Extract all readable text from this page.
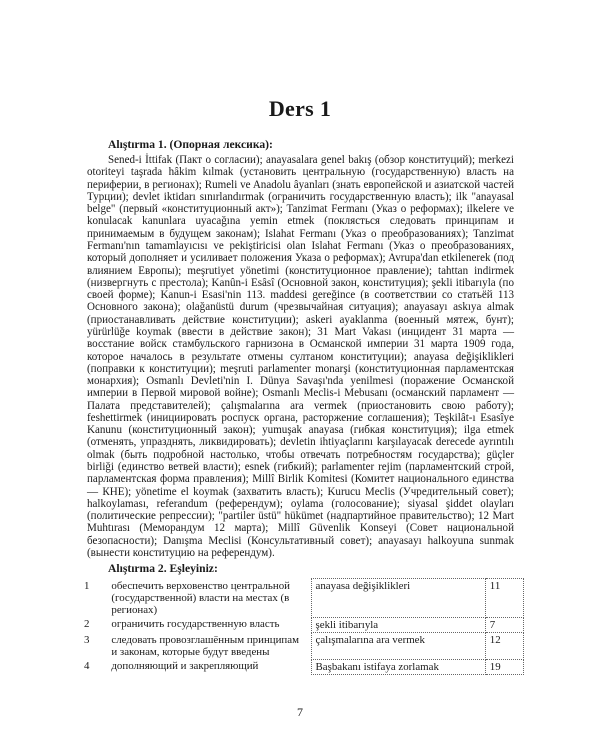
Ders 1
Alıştırma 1. (Опорная лексика):

Sened-i İttifak (Пакт о согласии); anayasalara genel bakış (обзор конституций); merkezi otoriteyi taşrada hâkim kılmak (установить центральную (государственную) власть на периферии, в регионах); Rumeli ve Anadolu âyanları (знать европейской и азиатской частей Турции); devlet iktidarı sınırlandırmak (ограничить государственную власть); ilk "anayasal belge" (первый «конституционный акт»); Tanzimat Fermanı (Указ о реформах); ilkelere ve konulacak kanunlara uyacağına yemin etmek (поклясться следовать принципам и принимаемым в будущем законам); Islahat Fermanı (Указ о преобразованиях); Tanzimat Fermanı'nın tamamlayıcısı ve pekiştiricisi olan Islahat Fermanı (Указ о преобразованиях, который дополняет и усиливает положения Указа о реформах); Avrupa'dan etkilenerek (под влиянием Европы); meşrutiyet yönetimi (конституционное правление); tahttan indirmek (низвергнуть с престола); Kanûn-i Esâsî (Основной закон, конституция); şekli itibarıyla (по своей форме); Kanun-i Esasi'nin 113. maddesi gereğince (в соответствии со статьёй 113 Основного закона); olağanüstü durum (чрезвычайная ситуация); anayasayı askıya almak (приостанавливать действие конституции); askeri ayaklanma (военный мятеж, бунт); yürürlüğe koymak (ввести в действие закон); 31 Mart Vakası (инцидент 31 марта — восстание войск стамбульского гарнизона в Османской империи 31 марта 1909 года, которое началось в результате отмены султаном конституции); anayasa değişiklikleri (поправки к конституции); meşruti parlamenter monarşi (конституционная парламентская монархия); Osmanlı Devleti'nin I. Dünya Savaşı'nda yenilmesi (поражение Османской империи в Первой мировой войне); Osmanlı Meclis-i Mebusanı (османский парламент — Палата представителей); çalışmalarına ara vermek (приостановить свою работу); feshettirmek (инициировать роспуск органа, расторжение соглашения); Teşkilât-ı Esasîye Kanunu (конституционный закон); yumuşak anayasa (гибкая конституция); ilga etmek (отменять, упразднять, ликвидировать); devletin ihtiyaçlarını karşılayacak derecede ayrıntılı olmak (быть подробной настолько, чтобы отвечать потребностям государства); güçler birliği (единство ветвей власти); esnek (гибкий); parlamenter rejim (парламентский строй, парламентская форма правления); Millî Birlik Komitesi (Комитет национального единства — КНЕ); yönetime el koymak (захватить власть); Kurucu Meclis (Учредительный совет); halkoylaması, referandum (референдум); oylama (голосование); siyasal şiddet olayları (политические репрессии); "partiler üstü" hükümet (надпартийное правительство); 12 Mart Muhtırası (Меморандум 12 марта); Millî Güvenlik Konseyi (Совет национальной безопасности); Danışma Meclisi (Консультативный совет); anayasayı halkoyuna sunmak (вынести конституцию на референдум).

Alıştırma 2. Eşleyiniz:
1	обеспечить верховенство центральной (государственной) власти на местах (в регионах)	anayasa değişiklikleri	11
2	ограничить государственную власть	şekli itibarıyla	7
3	следовать провозглашённым принципам и законам, которые будут введены	çalışmalarına ara vermek	12
4	дополняющий и закрепляющий	Başbakanı istifaya zorlamak	19
7
